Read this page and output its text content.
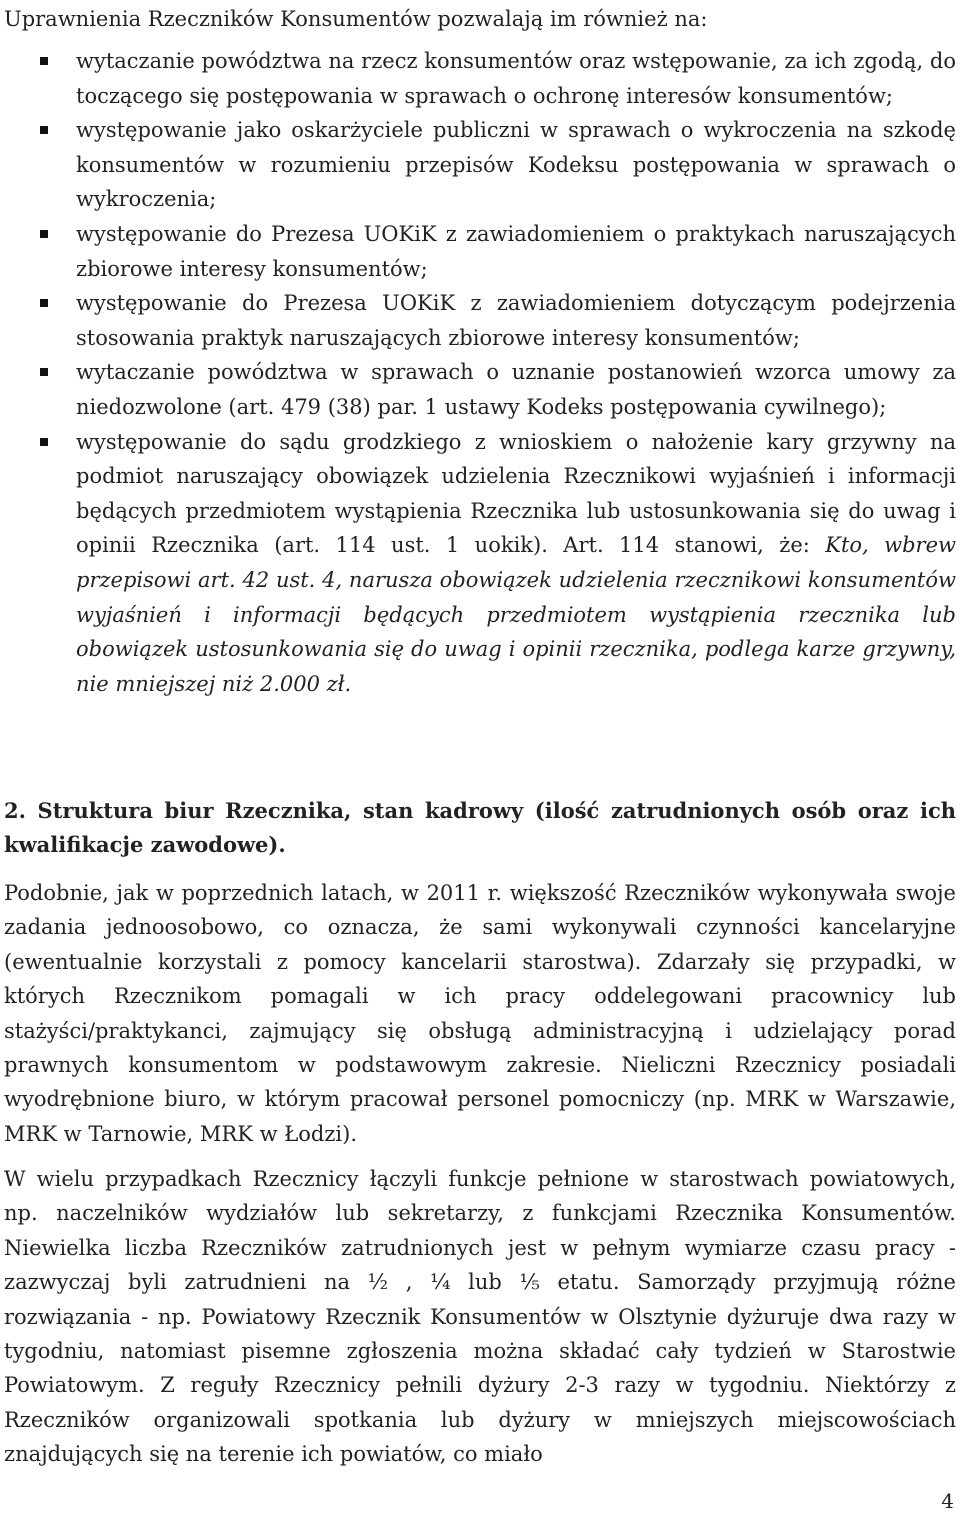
Uprawnienia Rzeczników Konsumentów pozwalają im również na:

wytaczanie powództwa na rzecz konsumentów oraz wstępowanie, za ich zgodą, do toczącego się postępowania w sprawach o ochronę interesów konsumentów;
występowanie jako oskarżyciele publiczni w sprawach o wykroczenia na szkodę konsumentów w rozumieniu przepisów Kodeksu postępowania w sprawach o wykroczenia;
występowanie do Prezesa UOKiK z zawiadomieniem o praktykach naruszających zbiorowe interesy konsumentów;
występowanie do Prezesa UOKiK z zawiadomieniem dotyczącym podejrzenia stosowania praktyk naruszających zbiorowe interesy konsumentów;
wytaczanie powództwa w sprawach o uznanie postanowień wzorca umowy za niedozwolone (art. 479 (38) par. 1 ustawy Kodeks postępowania cywilnego);
występowanie do sądu grodzkiego z wnioskiem o nałożenie kary grzywny na podmiot naruszający obowiązek udzielenia Rzecznikowi wyjaśnień i informacji będących przedmiotem wystąpienia Rzecznika lub ustosunkowania się do uwag i opinii Rzecznika (art. 114 ust. 1 uokik). Art. 114 stanowi, że: Kto, wbrew przepisowi art. 42 ust. 4, narusza obowiązek udzielenia rzecznikowi konsumentów wyjaśnień i informacji będących przedmiotem wystąpienia rzecznika lub obowiązek ustosunkowania się do uwag i opinii rzecznika, podlega karze grzywny, nie mniejszej niż 2.000 zł.
2. Struktura biur Rzecznika, stan kadrowy (ilość zatrudnionych osób oraz ich kwalifikacje zawodowe).

Podobnie, jak w poprzednich latach, w 2011 r. większość Rzeczników wykonywała swoje zadania jednoosobowo, co oznacza, że sami wykonywali czynności kancelaryjne (ewentualnie korzystali z pomocy kancelarii starostwa). Zdarzały się przypadki, w których Rzecznikom pomagali w ich pracy oddelegowani pracownicy lub stażyści/praktykanci, zajmujący się obsługą administracyjną i udzielający porad prawnych konsumentom w podstawowym zakresie. Nieliczni Rzecznicy posiadali wyodrębnione biuro, w którym pracował personel pomocniczy (np. MRK w Warszawie, MRK w Tarnowie, MRK w Łodzi).

W wielu przypadkach Rzecznicy łączyli funkcje pełnione w starostwach powiatowych, np. naczelników wydziałów lub sekretarzy, z funkcjami Rzecznika Konsumentów. Niewielka liczba Rzeczników zatrudnionych jest w pełnym wymiarze czasu pracy - zazwyczaj byli zatrudnieni na ½ , ¼ lub ⅕ etatu. Samorządy przyjmują różne rozwiązania - np. Powiatowy Rzecznik Konsumentów w Olsztynie dyżuruje dwa razy w tygodniu, natomiast pisemne zgłoszenia można składać cały tydzień w Starostwie Powiatowym. Z reguły Rzecznicy pełnili dyżury 2-3 razy w tygodniu. Niektórzy z Rzeczników organizowali spotkania lub dyżury w mniejszych miejscowościach znajdujących się na terenie ich powiatów, co miało

4
